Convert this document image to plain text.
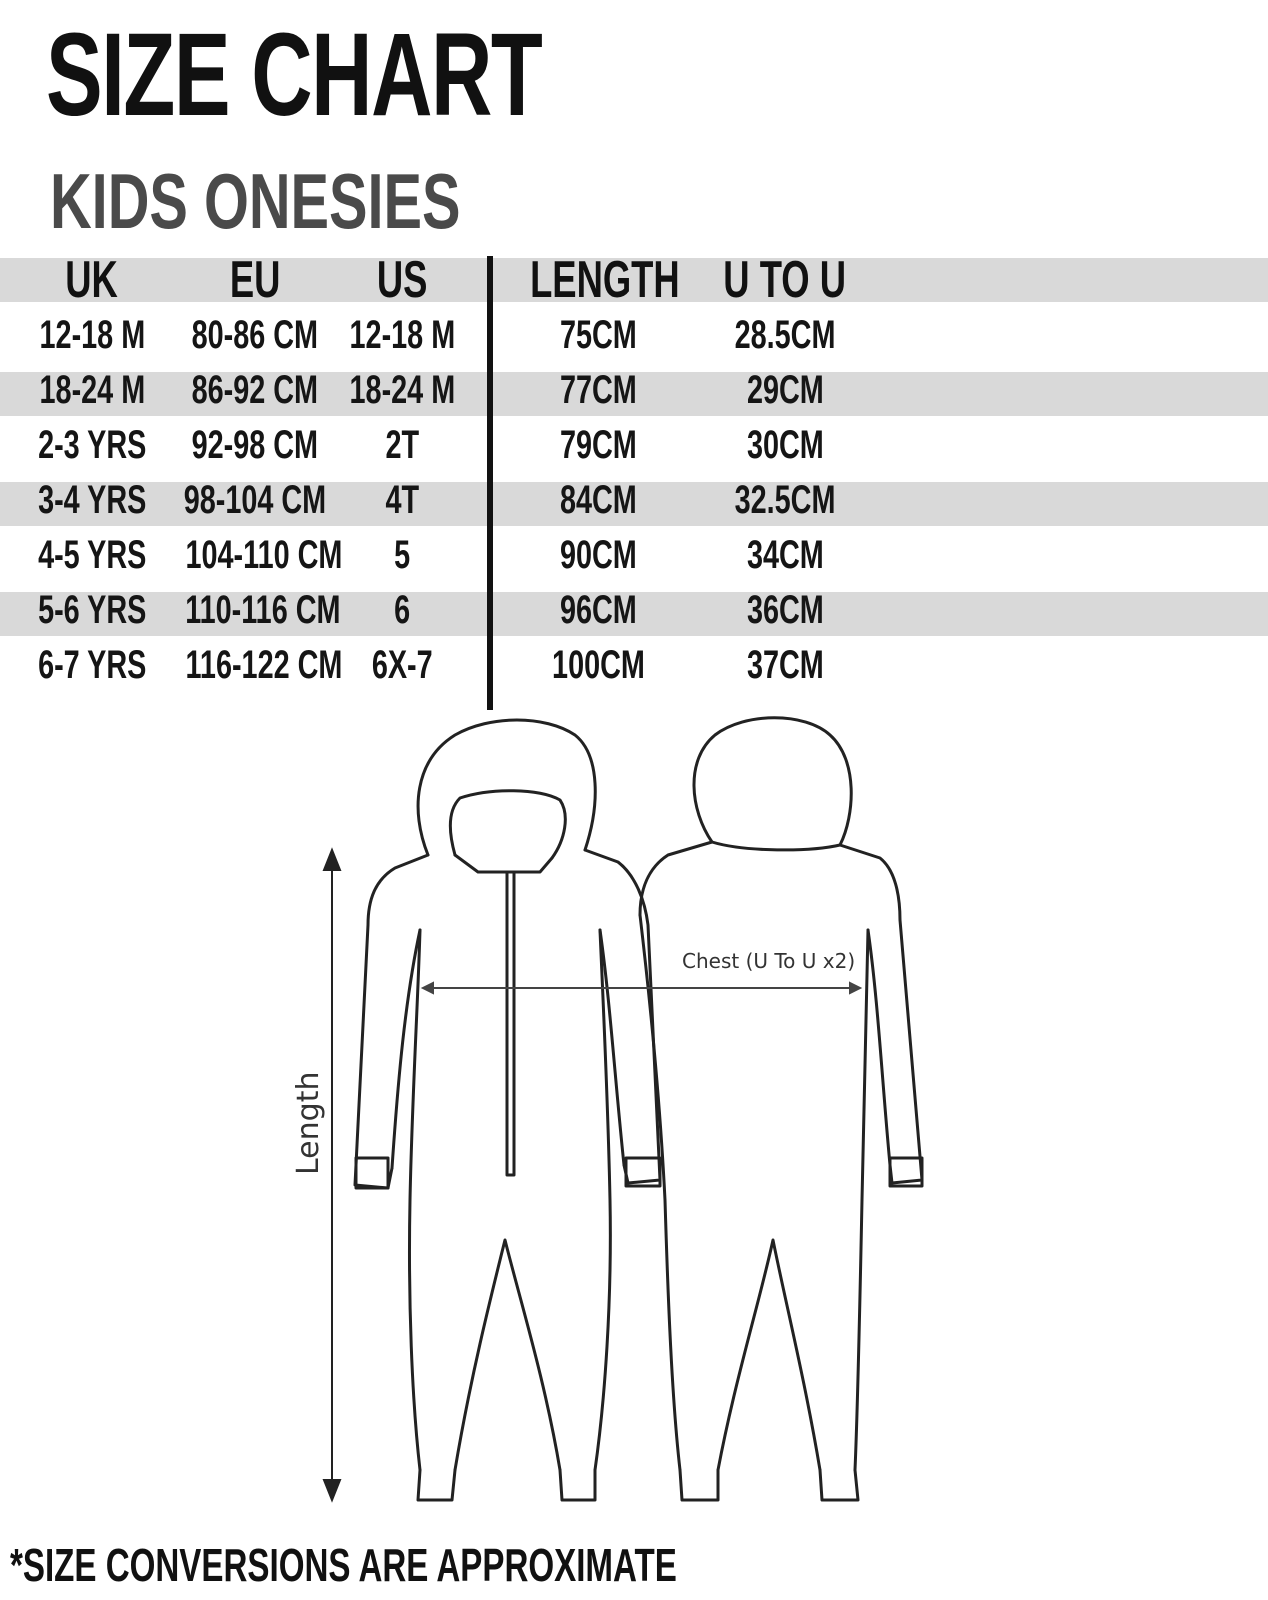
SIZE CHART
KIDS ONESIES
UK	EU	US	LENGTH U TO U
12-18 M	80-86 CM 12-18 M	75CM	28.5CM
18-24 M	86-92 CM 18-24 M	77CM	29CM
2-3 YRS	92-98 CM	2T	79CM	30CM
3-4 YRS 98-104 CM	4T	84CM	32.5CM
4-5 YRS 104-110 CM	5	90CM	34CM
5-6 YRS 110-116 CM	6	96CM	36CM
6-7 YRS 116-122 CM 6X-7	100CM	37CM
Length
Chest (U To U x2)
*SIZE CONVERSIONS ARE APPROXIMATE
